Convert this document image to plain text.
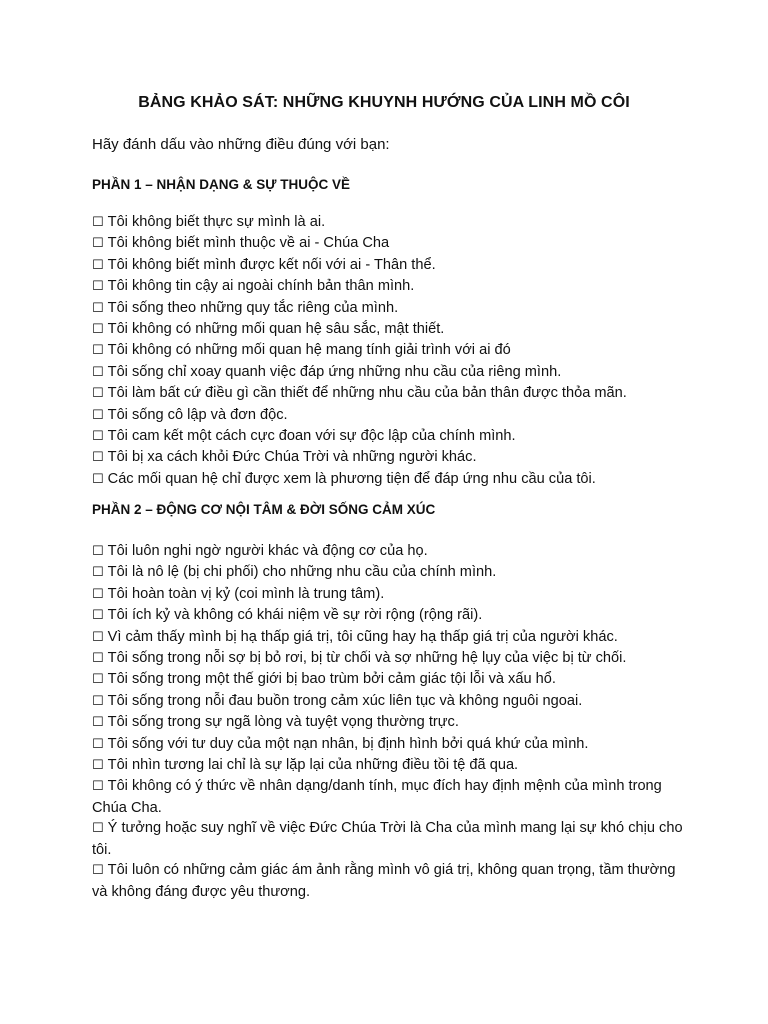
BẢNG KHẢO SÁT: NHỮNG KHUYNH HƯỚNG CỦA LINH MỒ CÔI

Hãy đánh dấu vào những điều đúng với bạn:

PHẦN 1 – NHẬN DẠNG & SỰ THUỘC VỀ
☐ Tôi không biết thực sự mình là ai.
☐ Tôi không biết mình thuộc về ai - Chúa Cha
☐ Tôi không biết mình được kết nối với ai - Thân thể.
☐ Tôi không tin cậy ai ngoài chính bản thân mình.
☐ Tôi sống theo những quy tắc riêng của mình.
☐ Tôi không có những mối quan hệ sâu sắc, mật thiết.
☐ Tôi không có những mối quan hệ mang tính giải trình với ai đó
☐ Tôi sống chỉ xoay quanh việc đáp ứng những nhu cầu của riêng mình.
☐ Tôi làm bất cứ điều gì cần thiết để những nhu cầu của bản thân được thỏa mãn.
☐ Tôi sống cô lập và đơn độc.
☐ Tôi cam kết một cách cực đoan với sự độc lập của chính mình.
☐ Tôi bị xa cách khỏi Đức Chúa Trời và những người khác.
☐ Các mối quan hệ chỉ được xem là phương tiện để đáp ứng nhu cầu của tôi.
PHẦN 2 – ĐỘNG CƠ NỘI TÂM & ĐỜI SỐNG CẢM XÚC
☐ Tôi luôn nghi ngờ người khác và động cơ của họ.
☐ Tôi là nô lệ (bị chi phối) cho những nhu cầu của chính mình.
☐ Tôi hoàn toàn vị kỷ (coi mình là trung tâm).
☐ Tôi ích kỷ và không có khái niệm về sự rời rộng (rộng rãi).
☐ Vì cảm thấy mình bị hạ thấp giá trị, tôi cũng hay hạ thấp giá trị của người khác.
☐ Tôi sống trong nỗi sợ bị bỏ rơi, bị từ chối và sợ những hệ lụy của việc bị từ chối.
☐ Tôi sống trong một thế giới bị bao trùm bởi cảm giác tội lỗi và xấu hổ.
☐ Tôi sống trong nỗi đau buồn trong cảm xúc liên tục và không nguôi ngoai.
☐ Tôi sống trong sự ngã lòng và tuyệt vọng thường trực.
☐ Tôi sống với tư duy của một nạn nhân, bị định hình bởi quá khứ của mình.
☐ Tôi nhìn tương lai chỉ là sự lặp lại của những điều tồi tệ đã qua.
☐ Tôi không có ý thức về nhân dạng/danh tính, mục đích hay định mệnh của mình trong Chúa Cha.
☐ Ý tưởng hoặc suy nghĩ về việc Đức Chúa Trời là Cha của mình mang lại sự khó chịu cho tôi.
☐ Tôi luôn có những cảm giác ám ảnh rằng mình vô giá trị, không quan trọng, tầm thường và không đáng được yêu thương.
